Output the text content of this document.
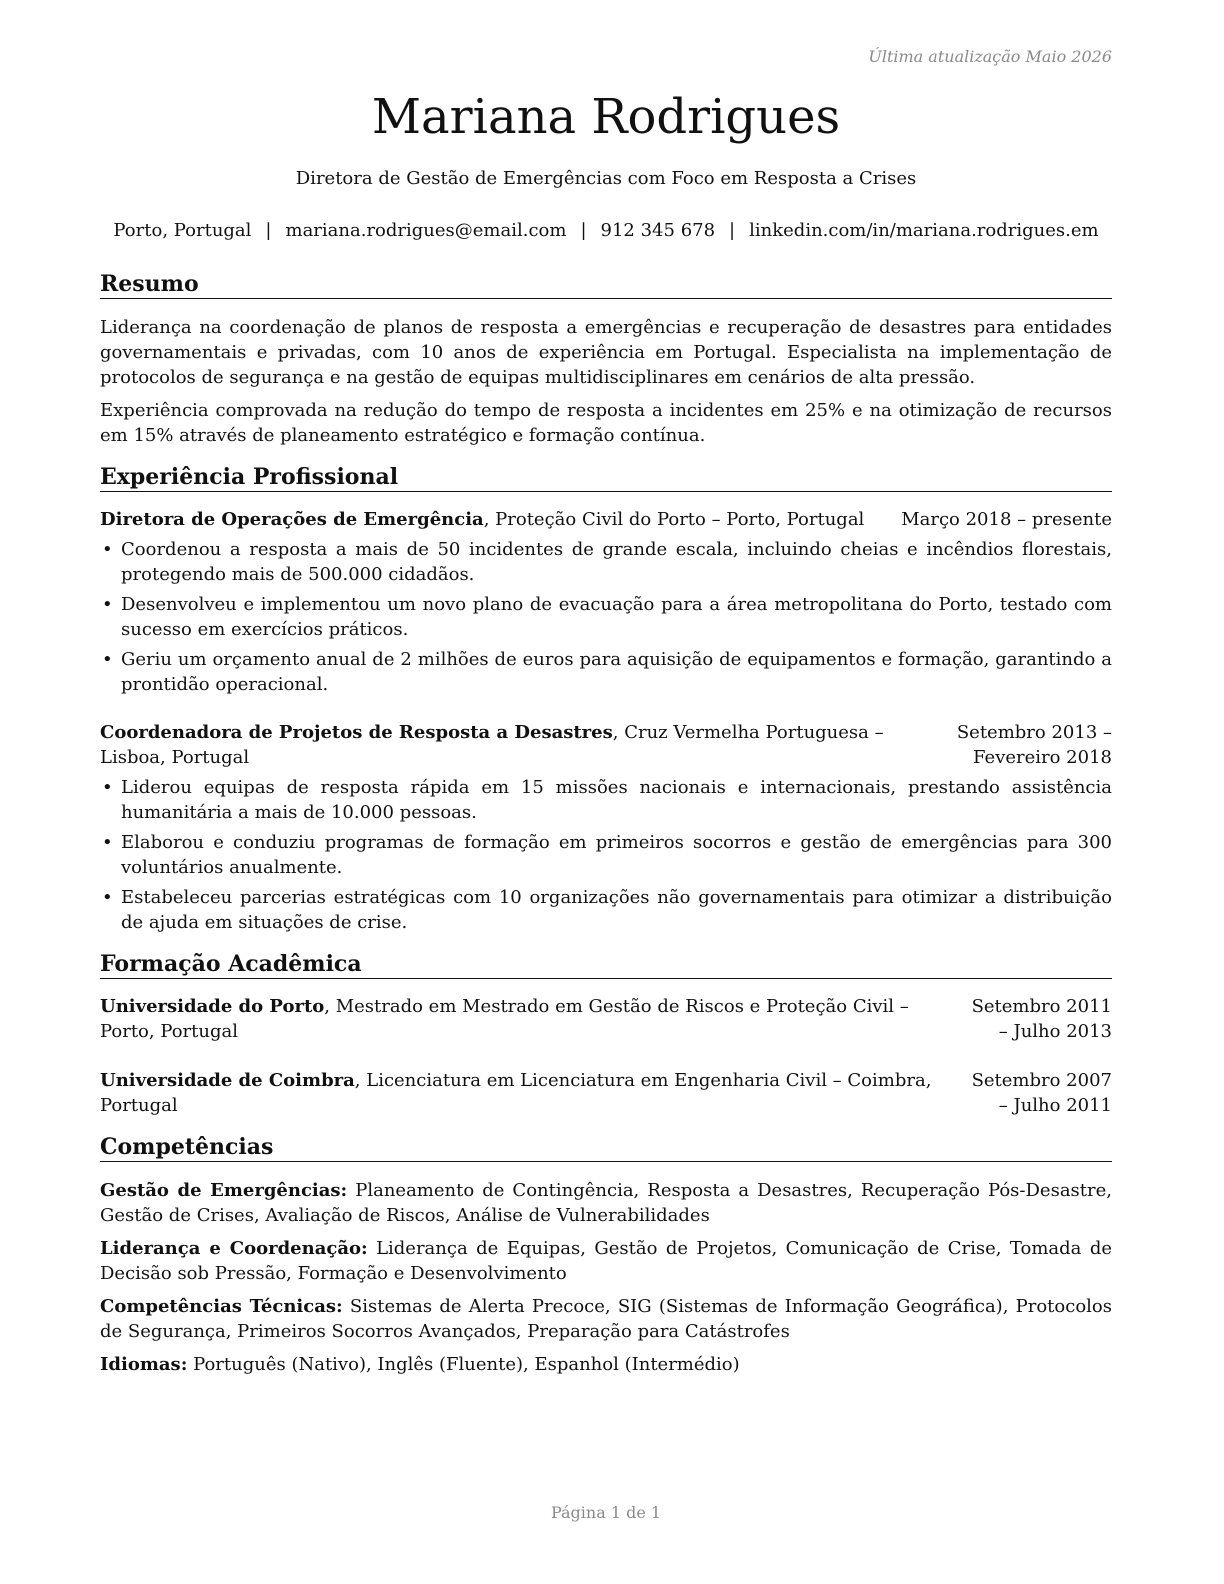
Última atualização Maio 2026
Mariana Rodrigues
Diretora de Gestão de Emergências com Foco em Resposta a Crises
Porto, Portugal | mariana.rodrigues@email.com | 912 345 678 | linkedin.com/in/mariana.rodrigues.em
Resumo

Liderança na coordenação de planos de resposta a emergências e recuperação de desastres para entidades governamentais e privadas, com 10 anos de experiência em Portugal. Especialista na implementação de protocolos de segurança e na gestão de equipas multidisciplinares em cenários de alta pressão.

Experiência comprovada na redução do tempo de resposta a incidentes em 25% e na otimização de recursos em 15% através de planeamento estratégico e formação contínua.

Experiência Profissional
Diretora de Operações de Emergência, Proteção Civil do Porto – Porto, Portugal	Março 2018 – presente
• Coordenou a resposta a mais de 50 incidentes de grande escala, incluindo cheias e incêndios florestais, protegendo mais de 500.000 cidadãos.
• Desenvolveu e implementou um novo plano de evacuação para a área metropolitana do Porto, testado com sucesso em exercícios práticos.
• Geriu um orçamento anual de 2 milhões de euros para aquisição de equipamentos e formação, garantindo a prontidão operacional.
Coordenadora de Projetos de Resposta a Desastres, Cruz Vermelha Portuguesa – Lisboa, Portugal
Setembro 2013 – Fevereiro 2018
• Liderou equipas de resposta rápida em 15 missões nacionais e internacionais, prestando assistência humanitária a mais de 10.000 pessoas.
• Elaborou e conduziu programas de formação em primeiros socorros e gestão de emergências para 300 voluntários anualmente.
• Estabeleceu parcerias estratégicas com 10 organizações não governamentais para otimizar a distribuição de ajuda em situações de crise.
Formação Acadêmica
Universidade do Porto, Mestrado em Mestrado em Gestão de Riscos e Proteção Civil – Porto, Portugal
Setembro 2011 – Julho 2013
Universidade de Coimbra, Licenciatura em Licenciatura em Engenharia Civil – Coimbra, Portugal
Setembro 2007 – Julho 2011
Competências
Gestão de Emergências: Planeamento de Contingência, Resposta a Desastres, Recuperação Pós-Desastre, Gestão de Crises, Avaliação de Riscos, Análise de Vulnerabilidades
Liderança e Coordenação: Liderança de Equipas, Gestão de Projetos, Comunicação de Crise, Tomada de Decisão sob Pressão, Formação e Desenvolvimento
Competências Técnicas: Sistemas de Alerta Precoce, SIG (Sistemas de Informação Geográfica), Protocolos de Segurança, Primeiros Socorros Avançados, Preparação para Catástrofes
Idiomas: Português (Nativo), Inglês (Fluente), Espanhol (Intermédio)
Página 1 de 1
